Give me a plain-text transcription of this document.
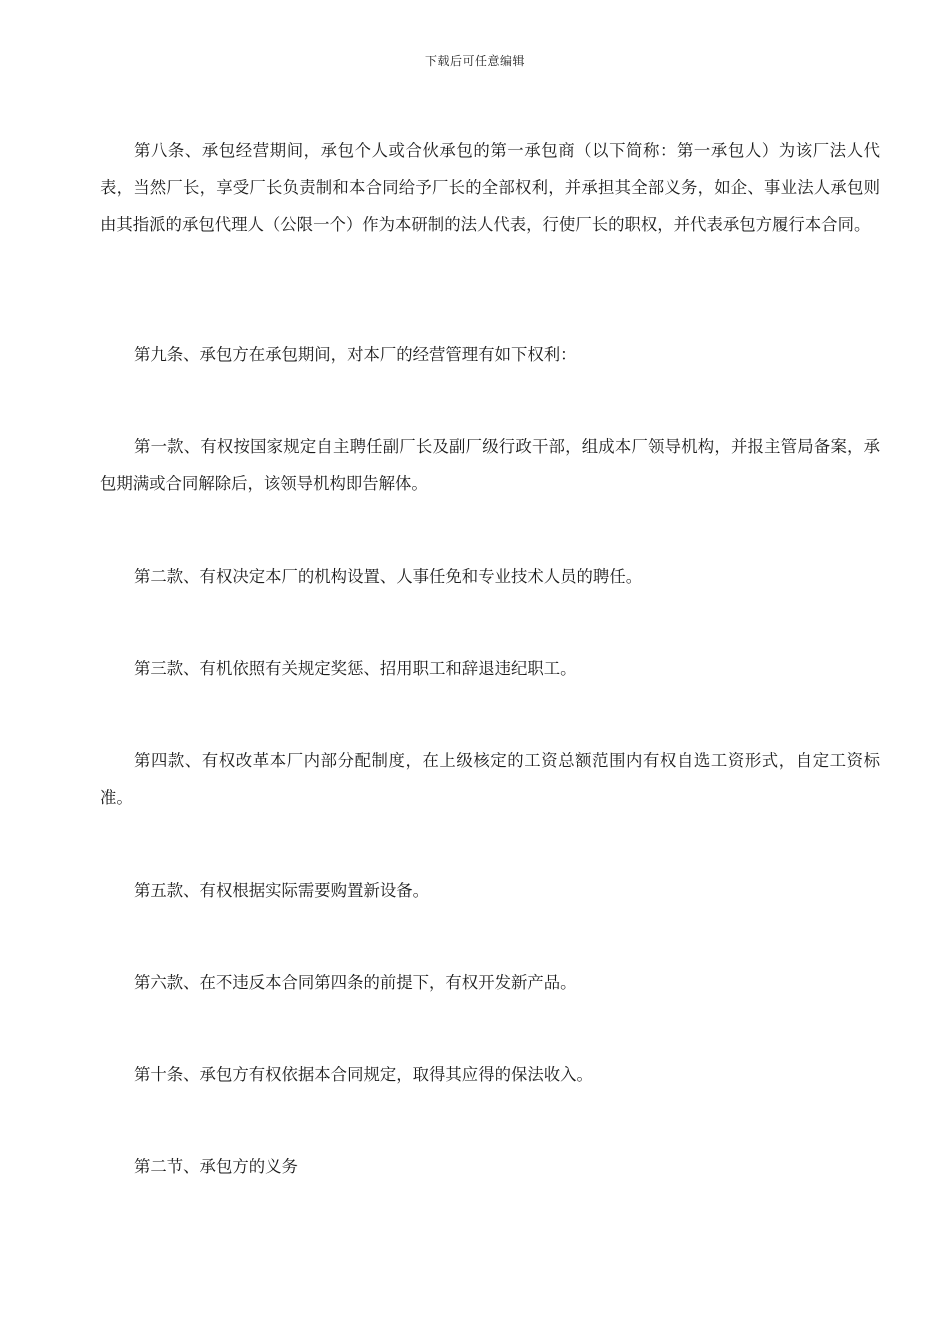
下载后可任意编辑

第八条、承包经营期间，承包个人或合伙承包的第一承包商（以下简称：第一承包人）为该厂法人代表，当然厂长，享受厂长负责制和本合同给予厂长的全部权利，并承担其全部义务，如企、事业法人承包则由其指派的承包代理人（公限一个）作为本研制的法人代表，行使厂长的职权，并代表承包方履行本合同。

第九条、承包方在承包期间，对本厂的经营管理有如下权利：

第一款、有权按国家规定自主聘任副厂长及副厂级行政干部，组成本厂领导机构，并报主管局备案，承包期满或合同解除后，该领导机构即告解体。

第二款、有权决定本厂的机构设置、人事任免和专业技术人员的聘任。

第三款、有机依照有关规定奖惩、招用职工和辞退违纪职工。

第四款、有权改革本厂内部分配制度，在上级核定的工资总额范围内有权自选工资形式，自定工资标准。

第五款、有权根据实际需要购置新设备。

第六款、在不违反本合同第四条的前提下，有权开发新产品。

第十条、承包方有权依据本合同规定，取得其应得的保法收入。

第二节、承包方的义务
